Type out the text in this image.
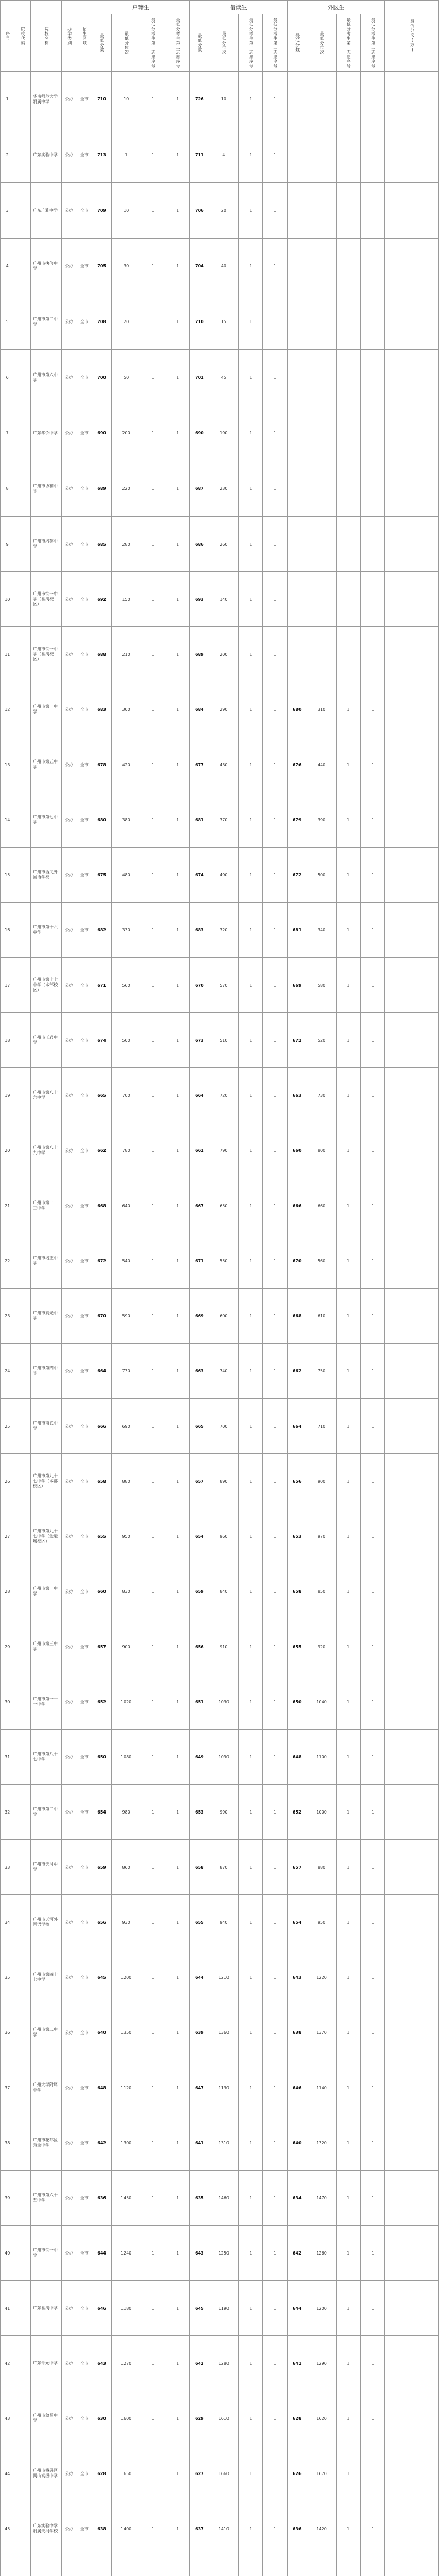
序号	院校代码	院校名称	办学类别	招生区域	户籍生				借读生				外区生				最低分次(万)

					最低分数	最低分位次	最低分考生第一志愿序号	最低分考生第二志愿序号	最低分数	最低分位次	最低分考生第一志愿序号	最低分考生第二志愿序号	最低分数	最低分位次	最低分考生第一志愿序号	最低分考生第二志愿序号	

1		华南师范大学附属中学	公办	全市	710	10	1	1	726	10	1	1					
2		广东实验中学	公办	全市	713	1	1	1	711	4	1	1					
3		广东广雅中学	公办	全市	709	10	1	1	706	20	1	1					
4		广州市执信中学	公办	全市	705	30	1	1	704	40	1	1					
5		广州市第二中学	公办	全市	708	20	1	1	710	15	1	1					
6		广州市第六中学	公办	全市	700	50	1	1	701	45	1	1					
7		广东华侨中学	公办	全市	690	200	1	1	690	190	1	1					
8		广州市协和中学	公办	全市	689	220	1	1	687	230	1	1					
9		广州市培英中学	公办	全市	685	280	1	1	686	260	1	1					
10		广州市铁一中学（番禺校区）	公办	全市	692	150	1	1	693	140	1	1					
11		广州市铁一中学（番禺校区）	公办	全市	688	210	1	1	689	200	1	1					
12		广州市第一中学	公办	全市	683	300	1	1	684	290	1	1	680	310	1	1	
13		广州市第五中学	公办	全市	678	420	1	1	677	430	1	1	676	440	1	1	
14		广州市第七中学	公办	全市	680	380	1	1	681	370	1	1	679	390	1	1	
15		广州市西关外国语学校	公办	全市	675	480	1	1	674	490	1	1	672	500	1	1	
16		广州市第十六中学	公办	全市	682	330	1	1	683	320	1	1	681	340	1	1	
17		广州市第十七中学（本部校区）	公办	全市	671	560	1	1	670	570	1	1	669	580	1	1	
18		广州市玉岩中学	公办	全市	674	500	1	1	673	510	1	1	672	520	1	1	
19		广州市第八十六中学	公办	全市	665	700	1	1	664	720	1	1	663	730	1	1	
20		广州市第八十九中学	公办	全市	662	780	1	1	661	790	1	1	660	800	1	1	
21		广州市第一一三中学	公办	全市	668	640	1	1	667	650	1	1	666	660	1	1	
22		广州市培正中学	公办	全市	672	540	1	1	671	550	1	1	670	560	1	1	
23		广州市真光中学	公办	全市	670	590	1	1	669	600	1	1	668	610	1	1	
24		广州市第四中学	公办	全市	664	730	1	1	663	740	1	1	662	750	1	1	
25		广州市南武中学	公办	全市	666	690	1	1	665	700	1	1	664	710	1	1	
26		广州市第九十七中学（本部校区）	公办	全市	658	880	1	1	657	890	1	1	656	900	1	1	
27		广州市第九十七中学（金融城校区）	公办	全市	655	950	1	1	654	960	1	1	653	970	1	1	
28		广州市第一中学	公办	全市	660	830	1	1	659	840	1	1	658	850	1	1	
29		广州市第三中学	公办	全市	657	900	1	1	656	910	1	1	655	920	1	1	
30		广州市第一一一中学	公办	全市	652	1020	1	1	651	1030	1	1	650	1040	1	1	
31		广州市第八十七中学	公办	全市	650	1080	1	1	649	1090	1	1	648	1100	1	1	
32		广州市第二中学	公办	全市	654	980	1	1	653	990	1	1	652	1000	1	1	
33		广州市天河中学	公办	全市	659	860	1	1	658	870	1	1	657	880	1	1	
34		广州市天河外国语学校	公办	全市	656	930	1	1	655	940	1	1	654	950	1	1	
35		广州市第四十七中学	公办	全市	645	1200	1	1	644	1210	1	1	643	1220	1	1	
36		广州市第二中学	公办	全市	640	1350	1	1	639	1360	1	1	638	1370	1	1	
37		广州大学附属中学	公办	全市	648	1120	1	1	647	1130	1	1	646	1140	1	1	
38		广州市花都区秀全中学	公办	全市	642	1300	1	1	641	1310	1	1	640	1320	1	1	
39		广州市第六十五中学	公办	全市	636	1450	1	1	635	1460	1	1	634	1470	1	1	
40		广州市铁一中学	公办	全市	644	1240	1	1	643	1250	1	1	642	1260	1	1	
41		广东番禺中学	公办	全市	646	1180	1	1	645	1190	1	1	644	1200	1	1	
42		广东仲元中学	公办	全市	643	1270	1	1	642	1280	1	1	641	1290	1	1	
43		广州市象贤中学	公办	全市	630	1600	1	1	629	1610	1	1	628	1620	1	1	
44		广州市番禺区禺山高级中学	公办	全市	628	1650	1	1	627	1660	1	1	626	1670	1	1	
45		广东实验中学附属天河学校	公办	全市	638	1400	1	1	637	1410	1	1	636	1420	1	1	
